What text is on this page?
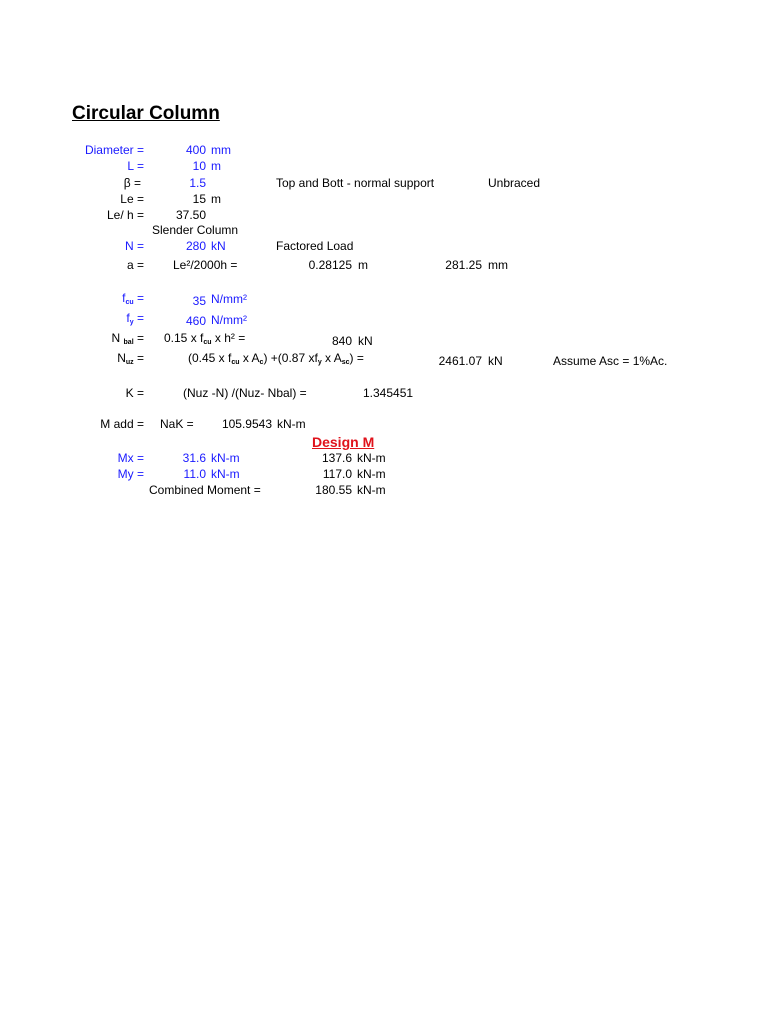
Circular Column
Diameter =	400 mm
L =	10 m
β =	1.5	Top and Bott - normal support	Unbraced
Le =	15 m
Le/ h =	37.50
Slender Column
N =	280 kN	Factored Load
a = Le²/2000h =	0.28125 m	281.25 mm
$f_{cu}$ =	35 N/mm²
$f_y$ =	460 N/mm²
N $_{bal}$ = 0.15 x $f_{cu}$ x h² =	840 kN
$N_{uz}$ =	(0.45 x $f_{cu}$ x $A_c) +(0.87$ $xf_y$ x $A_{sc}$) =	2461.07 kN	Assume Asc = 1%Ac.
K =	(Nuz -N) /(Nuz- Nbal) =	1.345451
M add = NaK =	105.9543 kN-m
Design M
Mx =	31.6 kN-m	137.6 kN-m
My =	11.0 kN-m	117.0 kN-m
Combined Moment =	180.55 kN-m
